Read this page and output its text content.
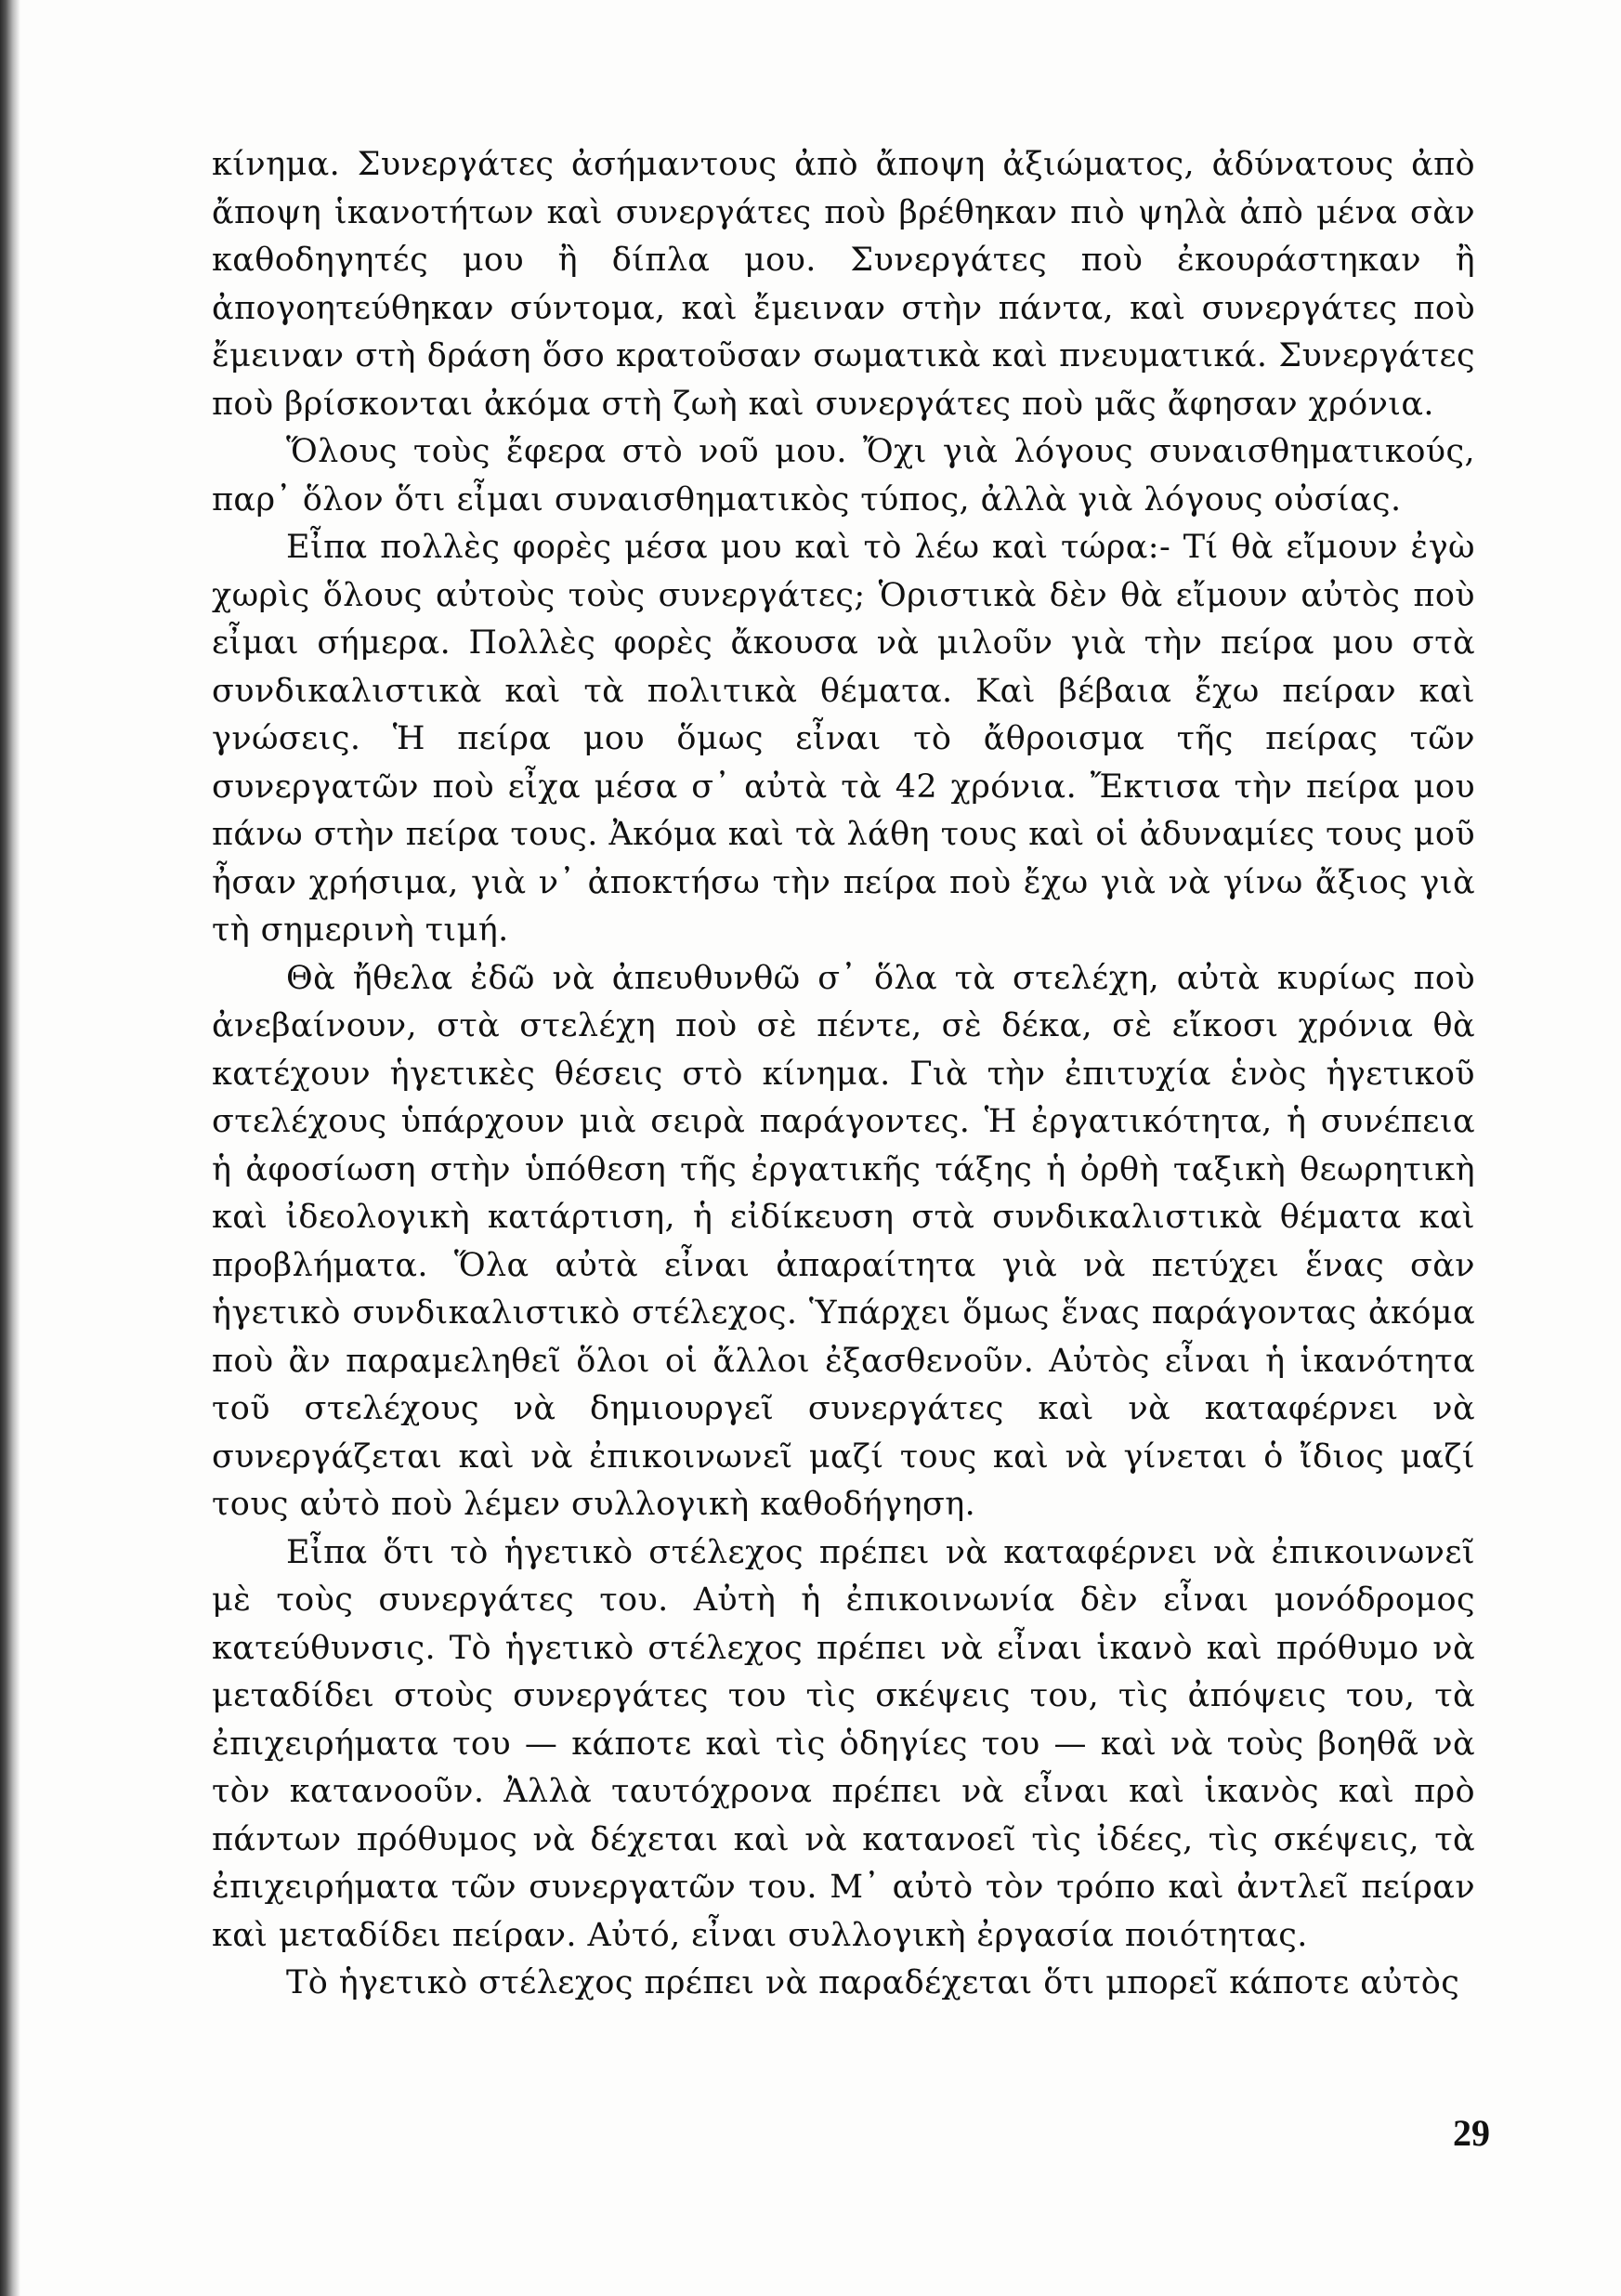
κίνημα. Συνεργάτες ἀσήμαντους ἀπὸ ἄποψη ἀξιώματος, ἀδύνατους ἀπὸ ἄποψη ἱκανοτήτων καὶ συνεργάτες ποὺ βρέθηκαν πιὸ ψηλὰ ἀπὸ μένα σὰν καθοδηγητές μου ἢ δίπλα μου. Συνεργάτες ποὺ ἐκουράστηκαν ἢ ἀπογοητεύθηκαν σύντομα, καὶ ἔμειναν στὴν πάντα, καὶ συνεργάτες ποὺ ἔμειναν στὴ δράση ὅσο κρατοῦσαν σωματικὰ καὶ πνευματικά. Συνεργάτες ποὺ βρίσκονται ἀκόμα στὴ ζωὴ καὶ συνεργάτες ποὺ μᾶς ἄφησαν χρόνια.

Ὅλους τοὺς ἔφερα στὸ νοῦ μου. Ὄχι γιὰ λόγους συναισθηματικούς, παρ᾽ ὅλον ὅτι εἶμαι συναισθηματικὸς τύπος, ἀλλὰ γιὰ λόγους οὐσίας.

Εἶπα πολλὲς φορὲς μέσα μου καὶ τὸ λέω καὶ τώρα:- Τί θὰ εἴμουν ἐγὼ χωρὶς ὅλους αὐτοὺς τοὺς συνεργάτες; Ὁριστικὰ δὲν θὰ εἴμουν αὐτὸς ποὺ εἶμαι σήμερα. Πολλὲς φορὲς ἄκουσα νὰ μιλοῦν γιὰ τὴν πείρα μου στὰ συνδικαλιστικὰ καὶ τὰ πολιτικὰ θέματα. Καὶ βέβαια ἔχω πείραν καὶ γνώσεις. Ἡ πείρα μου ὅμως εἶναι τὸ ἄθροισμα τῆς πείρας τῶν συνεργατῶν ποὺ εἶχα μέσα σ᾽ αὐτὰ τὰ 42 χρόνια. Ἔκτισα τὴν πείρα μου πάνω στὴν πείρα τους. Ἀκόμα καὶ τὰ λάθη τους καὶ οἱ ἀδυναμίες τους μοῦ ἦσαν χρήσιμα, γιὰ ν᾽ ἀποκτήσω τὴν πείρα ποὺ ἔχω γιὰ νὰ γίνω ἄξιος γιὰ τὴ σημερινὴ τιμή.

Θὰ ἤθελα ἐδῶ νὰ ἀπευθυνθῶ σ᾽ ὅλα τὰ στελέχη, αὐτὰ κυρίως ποὺ ἀνεβαίνουν, στὰ στελέχη ποὺ σὲ πέντε, σὲ δέκα, σὲ εἴκοσι χρόνια θὰ κατέχουν ἡγετικὲς θέσεις στὸ κίνημα. Γιὰ τὴν ἐπιτυχία ἑνὸς ἡγετικοῦ στελέχους ὑπάρχουν μιὰ σειρὰ παράγοντες. Ἡ ἐργατικότητα, ἡ συνέπεια ἡ ἀφοσίωση στὴν ὑπόθεση τῆς ἐργατικῆς τάξης ἡ ὀρθὴ ταξικὴ θεωρητικὴ καὶ ἰδεολογικὴ κατάρτιση, ἡ εἰδίκευση στὰ συνδικαλιστικὰ θέματα καὶ προβλήματα. Ὅλα αὐτὰ εἶναι ἀπαραίτητα γιὰ νὰ πετύχει ἕνας σὰν ἡγετικὸ συνδικαλιστικὸ στέλεχος. Ὑπάρχει ὅμως ἕνας παράγοντας ἀκόμα ποὺ ἂν παραμεληθεῖ ὅλοι οἱ ἄλλοι ἐξασθενοῦν. Αὐτὸς εἶναι ἡ ἱκανότητα τοῦ στελέχους νὰ δημιουργεῖ συνεργάτες καὶ νὰ καταφέρνει νὰ συνεργάζεται καὶ νὰ ἐπικοινωνεῖ μαζί τους καὶ νὰ γίνεται ὁ ἴδιος μαζί τους αὐτὸ ποὺ λέμεν συλλογικὴ καθοδήγηση.

Εἶπα ὅτι τὸ ἡγετικὸ στέλεχος πρέπει νὰ καταφέρνει νὰ ἐπικοινωνεῖ μὲ τοὺς συνεργάτες του. Αὐτὴ ἡ ἐπικοινωνία δὲν εἶναι μονόδρομος κατεύθυνσις. Τὸ ἡγετικὸ στέλεχος πρέπει νὰ εἶναι ἱκανὸ καὶ πρόθυμο νὰ μεταδίδει στοὺς συνεργάτες του τὶς σκέψεις του, τὶς ἀπόψεις του, τὰ ἐπιχειρήματα του — κάποτε καὶ τὶς ὁδηγίες του — καὶ νὰ τοὺς βοηθᾶ νὰ τὸν κατανοοῦν. Ἀλλὰ ταυτόχρονα πρέπει νὰ εἶναι καὶ ἱκανὸς καὶ πρὸ πάντων πρόθυμος νὰ δέχεται καὶ νὰ κατανοεῖ τὶς ἰδέες, τὶς σκέψεις, τὰ ἐπιχειρήματα τῶν συνεργατῶν του. Μ᾽ αὐτὸ τὸν τρόπο καὶ ἀντλεῖ πείραν καὶ μεταδίδει πείραν. Αὐτό, εἶναι συλλογικὴ ἐργασία ποιότητας.

Τὸ ἡγετικὸ στέλεχος πρέπει νὰ παραδέχεται ὅτι μπορεῖ κάποτε αὐτὸς

29
